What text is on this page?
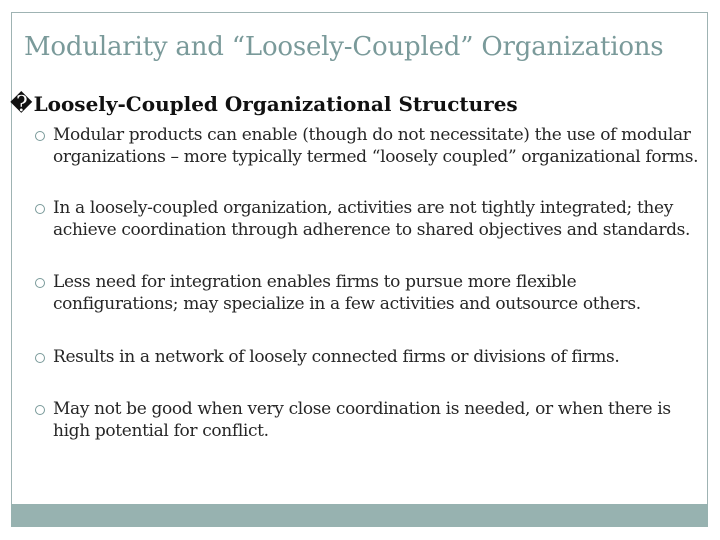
Modularity and “Loosely-Coupled” Organizations
�Loosely-Coupled Organizational Structures
Modular products can enable (though do not necessitate) the use of modular organizations – more typically termed “loosely coupled” organizational forms.
In a loosely-coupled organization, activities are not tightly integrated; they achieve coordination through adherence to shared objectives and standards.
Less need for integration enables firms to pursue more flexible configurations; may specialize in a few activities and outsource others.
Results in a network of loosely connected firms or divisions of firms.
May not be good when very close coordination is needed, or when there is high potential for conflict.
